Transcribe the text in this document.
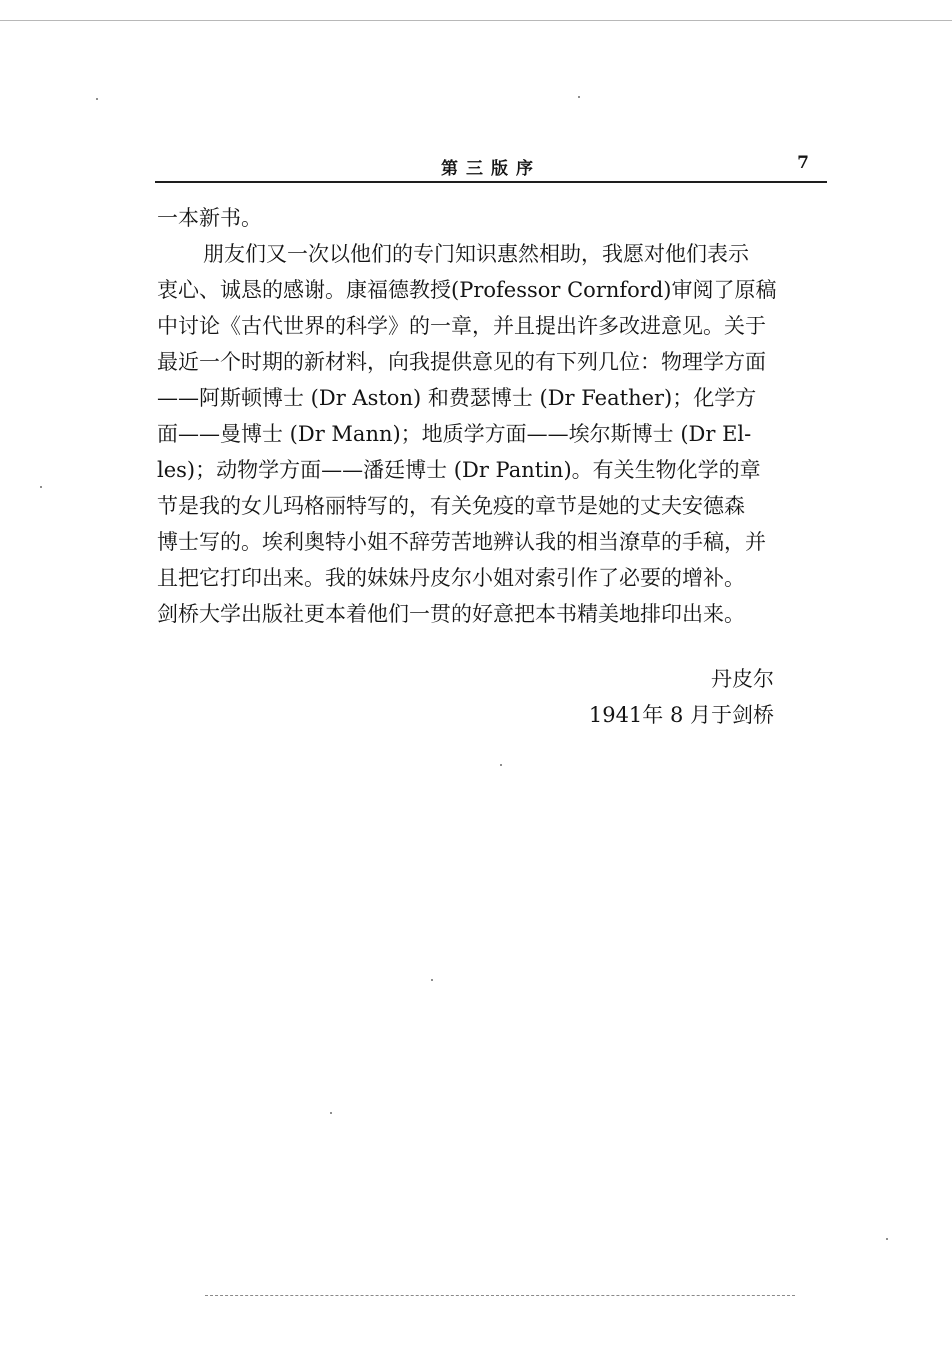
第三版序	7
一本新书。
朋友们又一次以他们的专门知识惠然相助，我愿对他们表示
衷心、诚恳的感谢。康福德教授(Professor Cornford)审阅了原稿
中讨论《古代世界的科学》的一章，并且提出许多改进意见。关于
最近一个时期的新材料，向我提供意见的有下列几位：物理学方面
——阿斯顿博士 (Dr Aston) 和费瑟博士 (Dr Feather)；化学方
面——曼博士 (Dr Mann)；地质学方面——埃尔斯博士 (Dr El-
les)；动物学方面——潘廷博士 (Dr Pantin)。有关生物化学的章
节是我的女儿玛格丽特写的，有关免疫的章节是她的丈夫安德森
博士写的。埃利奥特小姐不辞劳苦地辨认我的相当潦草的手稿，并
且把它打印出来。我的妹妹丹皮尔小姐对索引作了必要的增补。
剑桥大学出版社更本着他们一贯的好意把本书精美地排印出来。
丹皮尔
1941年 8 月于剑桥
